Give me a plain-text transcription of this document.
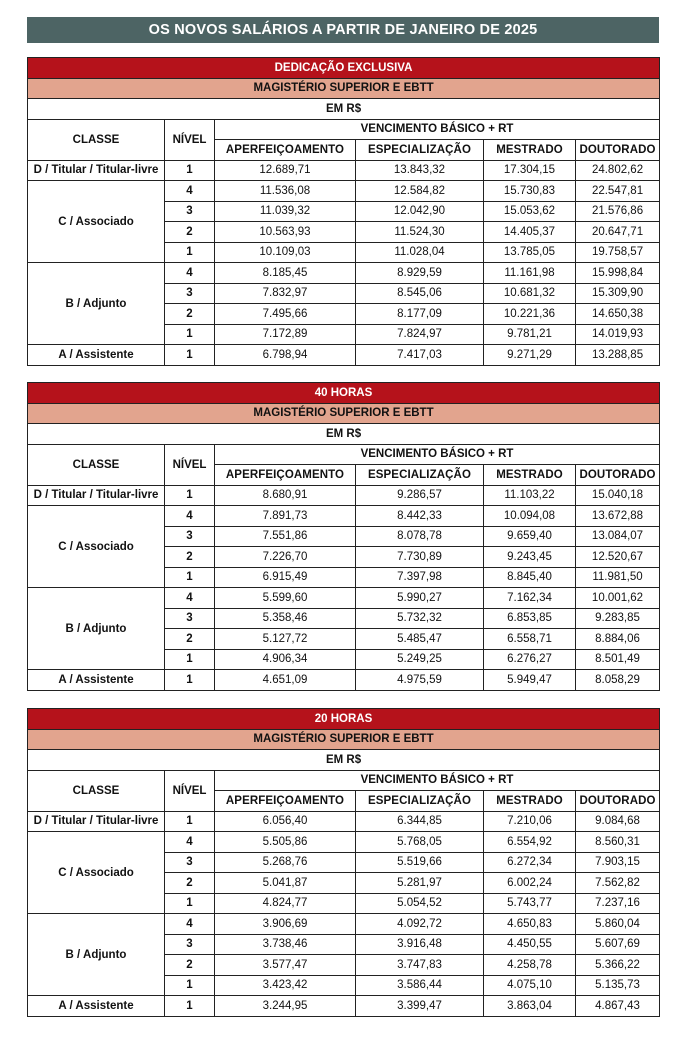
OS NOVOS SALÁRIOS A PARTIR DE JANEIRO DE 2025
DEDICAÇÃO EXCLUSIVA					
MAGISTÉRIO SUPERIOR E EBTT					
EM R$					
CLASSE	NÍVEL	VENCIMENTO BÁSICO + RT			
		APERFEIÇOAMENTO	ESPECIALIZAÇÃO	MESTRADO	DOUTORADO
D / Titular / Titular-livre	1	12.689,71	13.843,32	17.304,15	24.802,62
C / Associado	4	11.536,08	12.584,82	15.730,83	22.547,81
	3	11.039,32	12.042,90	15.053,62	21.576,86
	2	10.563,93	11.524,30	14.405,37	20.647,71
	1	10.109,03	11.028,04	13.785,05	19.758,57
B / Adjunto	4	8.185,45	8.929,59	11.161,98	15.998,84
	3	7.832,97	8.545,06	10.681,32	15.309,90
	2	7.495,66	8.177,09	10.221,36	14.650,38
	1	7.172,89	7.824,97	9.781,21	14.019,93
A / Assistente	1	6.798,94	7.417,03	9.271,29	13.288,85
40 HORAS					
MAGISTÉRIO SUPERIOR E EBTT					
EM R$					
CLASSE	NÍVEL	VENCIMENTO BÁSICO + RT			
		APERFEIÇOAMENTO	ESPECIALIZAÇÃO	MESTRADO	DOUTORADO
D / Titular / Titular-livre	1	8.680,91	9.286,57	11.103,22	15.040,18
C / Associado	4	7.891,73	8.442,33	10.094,08	13.672,88
	3	7.551,86	8.078,78	9.659,40	13.084,07
	2	7.226,70	7.730,89	9.243,45	12.520,67
	1	6.915,49	7.397,98	8.845,40	11.981,50
B / Adjunto	4	5.599,60	5.990,27	7.162,34	10.001,62
	3	5.358,46	5.732,32	6.853,85	9.283,85
	2	5.127,72	5.485,47	6.558,71	8.884,06
	1	4.906,34	5.249,25	6.276,27	8.501,49
A / Assistente	1	4.651,09	4.975,59	5.949,47	8.058,29
20 HORAS					
MAGISTÉRIO SUPERIOR E EBTT					
EM R$					
CLASSE	NÍVEL	VENCIMENTO BÁSICO + RT			
		APERFEIÇOAMENTO	ESPECIALIZAÇÃO	MESTRADO	DOUTORADO
D / Titular / Titular-livre	1	6.056,40	6.344,85	7.210,06	9.084,68
C / Associado	4	5.505,86	5.768,05	6.554,92	8.560,31
	3	5.268,76	5.519,66	6.272,34	7.903,15
	2	5.041,87	5.281,97	6.002,24	7.562,82
	1	4.824,77	5.054,52	5.743,77	7.237,16
B / Adjunto	4	3.906,69	4.092,72	4.650,83	5.860,04
	3	3.738,46	3.916,48	4.450,55	5.607,69
	2	3.577,47	3.747,83	4.258,78	5.366,22
	1	3.423,42	3.586,44	4.075,10	5.135,73
A / Assistente	1	3.244,95	3.399,47	3.863,04	4.867,43
